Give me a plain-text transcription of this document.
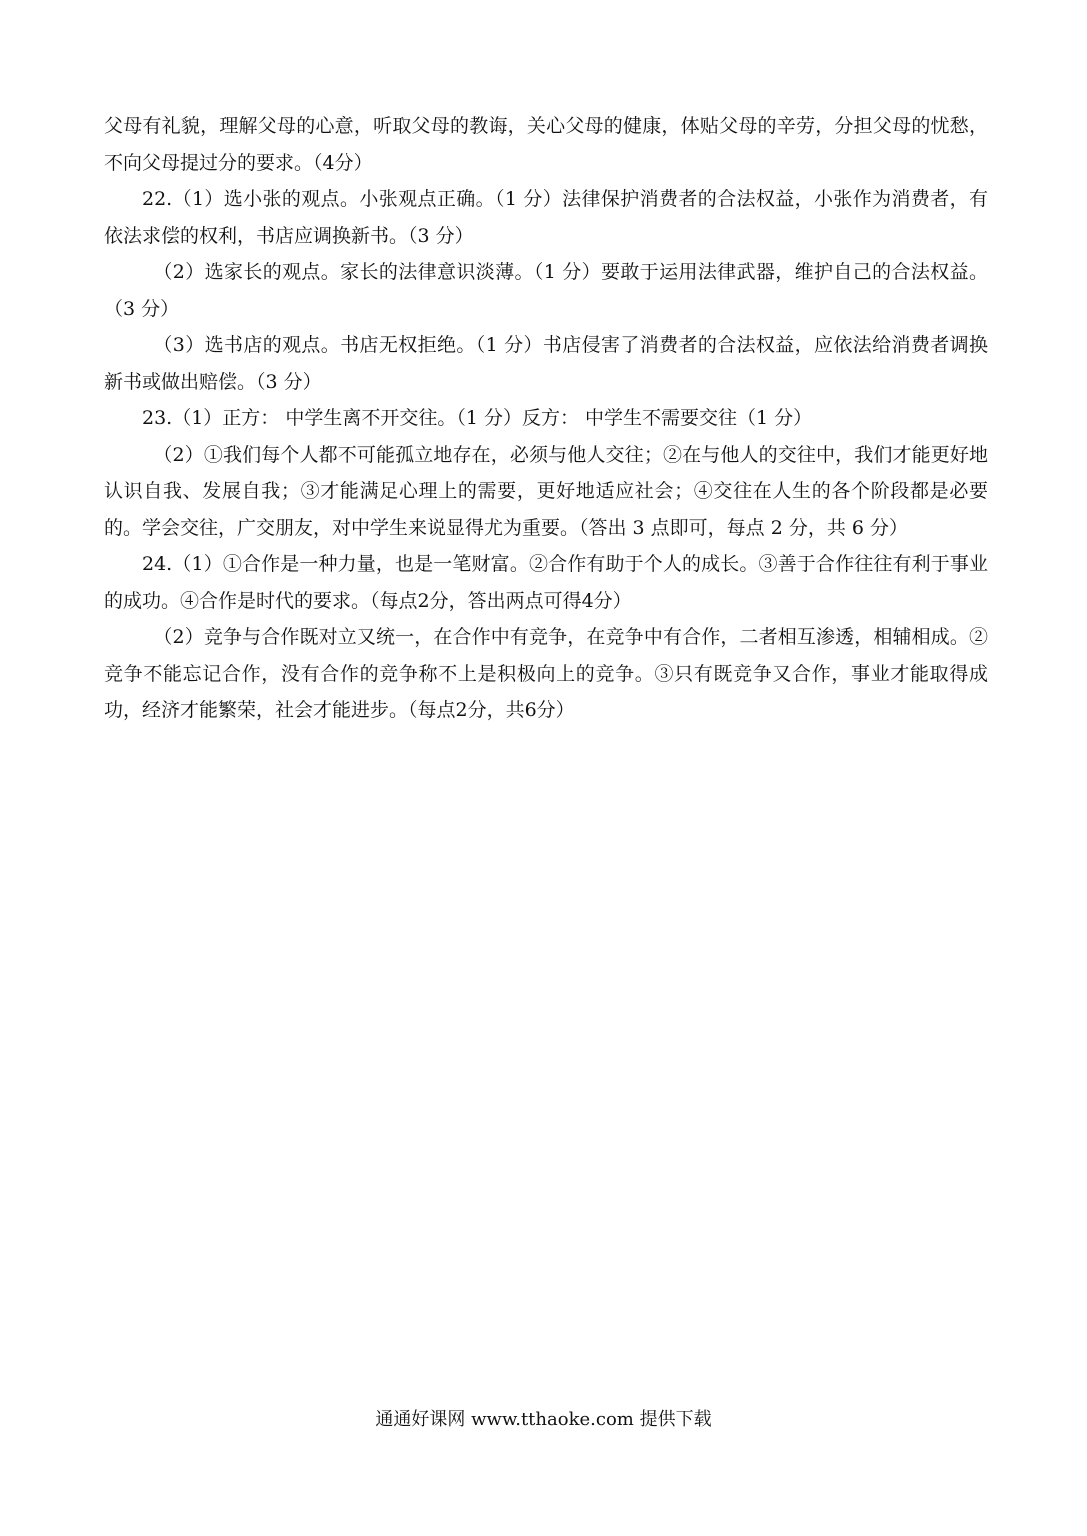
父母有礼貌，理解父母的心意，听取父母的教诲，关心父母的健康，体贴父母的辛劳，分担父母的忧愁，不向父母提过分的要求。（4分）

22.（1）选小张的观点。小张观点正确。（1 分）法律保护消费者的合法权益，小张作为消费者，有依法求偿的权利，书店应调换新书。（3 分）

（2）选家长的观点。家长的法律意识淡薄。（1 分）要敢于运用法律武器，维护自己的合法权益。（3 分）

（3）选书店的观点。书店无权拒绝。（1 分）书店侵害了消费者的合法权益，应依法给消费者调换新书或做出赔偿。（3 分）

23.（1）正方： 中学生离不开交往。（1 分）反方： 中学生不需要交往（1 分）

（2）①我们每个人都不可能孤立地存在，必须与他人交往；②在与他人的交往中，我们才能更好地认识自我、发展自我；③才能满足心理上的需要，更好地适应社会；④交往在人生的各个阶段都是必要的。学会交往，广交朋友，对中学生来说显得尤为重要。（答出 3 点即可，每点 2 分，共 6 分）

24.（1）①合作是一种力量，也是一笔财富。②合作有助于个人的成长。③善于合作往往有利于事业的成功。④合作是时代的要求。（每点2分，答出两点可得4分）

（2）竞争与合作既对立又统一，在合作中有竞争，在竞争中有合作，二者相互渗透，相辅相成。②竞争不能忘记合作，没有合作的竞争称不上是积极向上的竞争。③只有既竞争又合作，事业才能取得成功，经济才能繁荣，社会才能进步。（每点2分，共6分）

通通好课网 www.tthaoke.com 提供下载
